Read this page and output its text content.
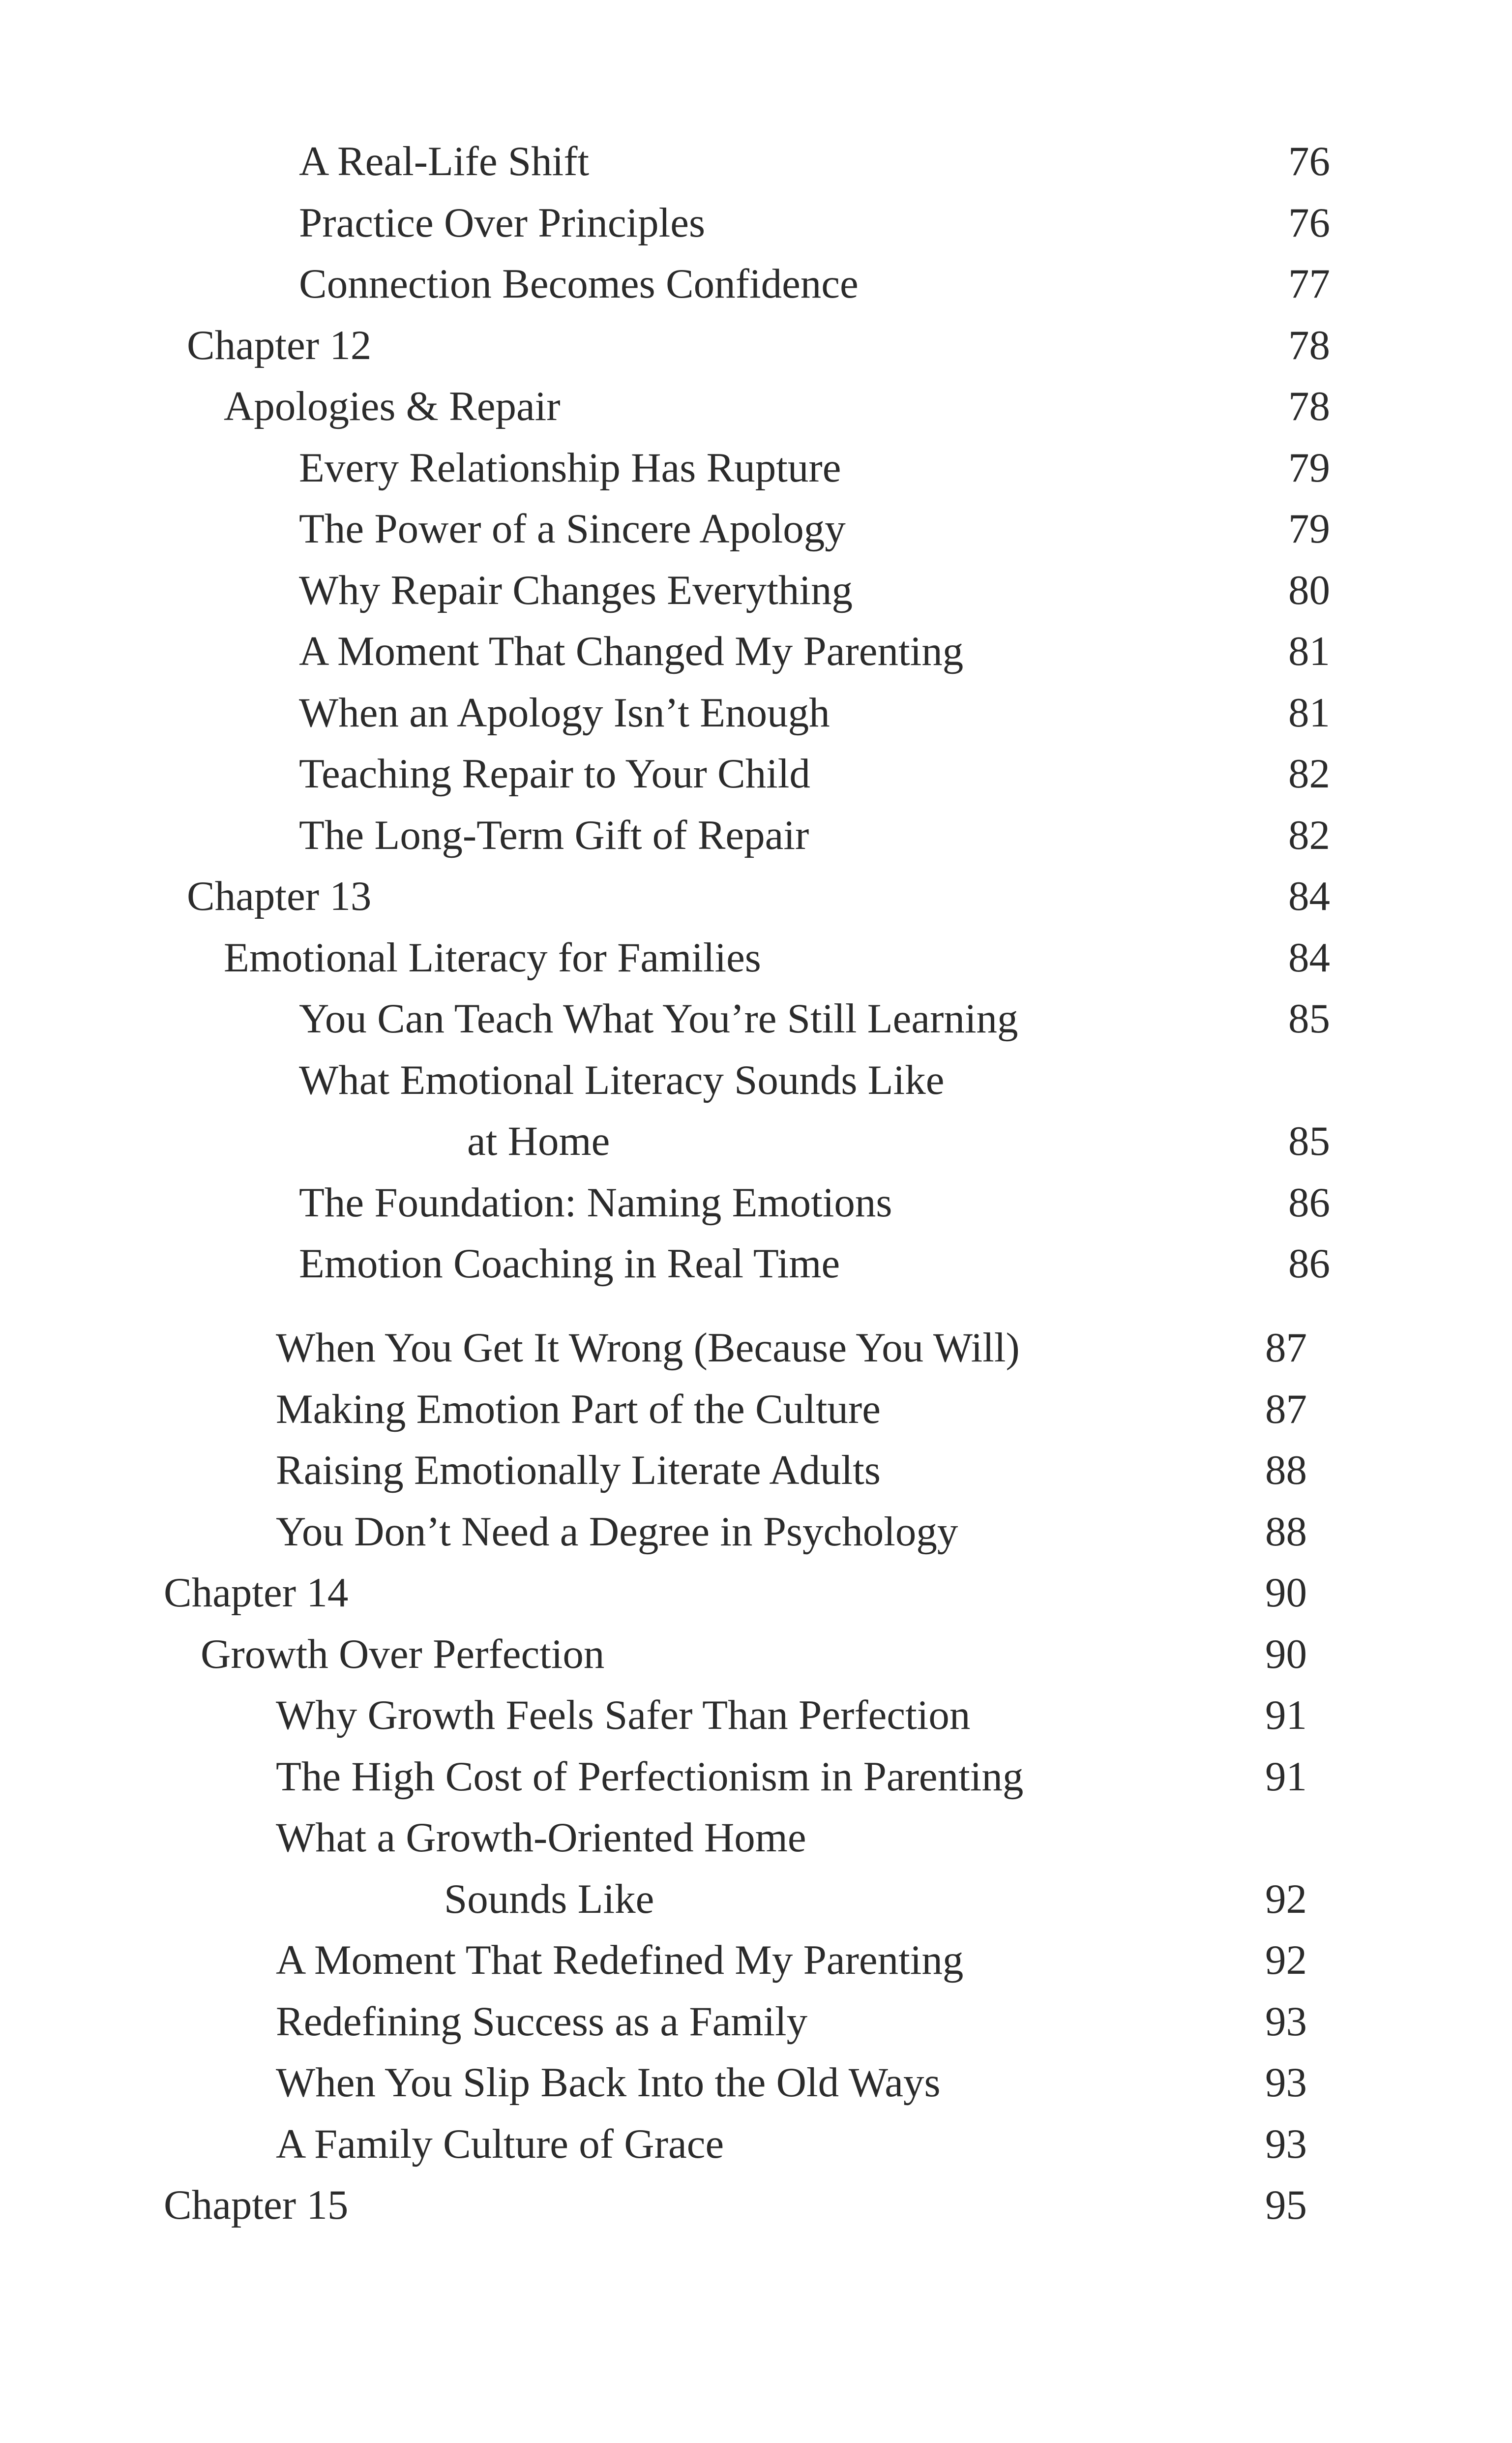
A Real-Life Shift	76
Practice Over Principles	76
Connection Becomes Confidence	77
Chapter 12	78
Apologies & Repair	78
Every Relationship Has Rupture	79
The Power of a Sincere Apology	79
Why Repair Changes Everything	80
A Moment That Changed My Parenting	81
When an Apology Isn’t Enough	81
Teaching Repair to Your Child	82
The Long-Term Gift of Repair	82
Chapter 13	84
Emotional Literacy for Families	84
You Can Teach What You’re Still Learning	85
What Emotional Literacy Sounds Like
at Home	85
The Foundation: Naming Emotions	86
Emotion Coaching in Real Time	86
When You Get It Wrong (Because You Will)	87
Making Emotion Part of the Culture	87
Raising Emotionally Literate Adults	88
You Don’t Need a Degree in Psychology	88
Chapter 14	90
Growth Over Perfection	90
Why Growth Feels Safer Than Perfection	91
The High Cost of Perfectionism in Parenting	91
What a Growth-Oriented Home
Sounds Like	92
A Moment That Redefined My Parenting	92
Redefining Success as a Family	93
When You Slip Back Into the Old Ways	93
A Family Culture of Grace	93
Chapter 15	95
